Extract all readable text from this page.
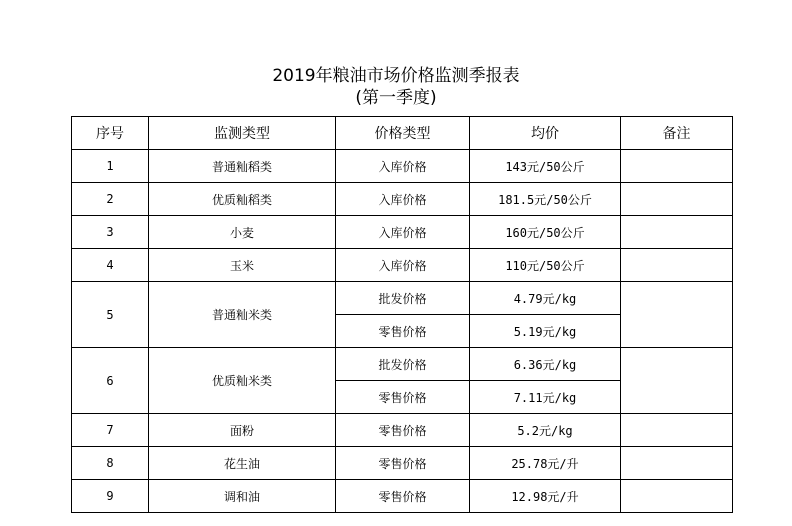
2019年粮油市场价格监测季报表
(第一季度)
序号	监测类型	价格类型	均价	备注
1	普通籼稻类	入库价格	143元/50公斤	
2	优质籼稻类	入库价格	181.5元/50公斤	
3	小麦	入库价格	160元/50公斤	
4	玉米	入库价格	110元/50公斤	
5	普通籼米类	批发价格	4.79元/kg	
		零售价格	5.19元/kg	
6	优质籼米类	批发价格	6.36元/kg	
		零售价格	7.11元/kg	
7	面粉	零售价格	5.2元/kg	
8	花生油	零售价格	25.78元/升	
9	调和油	零售价格	12.98元/升	
